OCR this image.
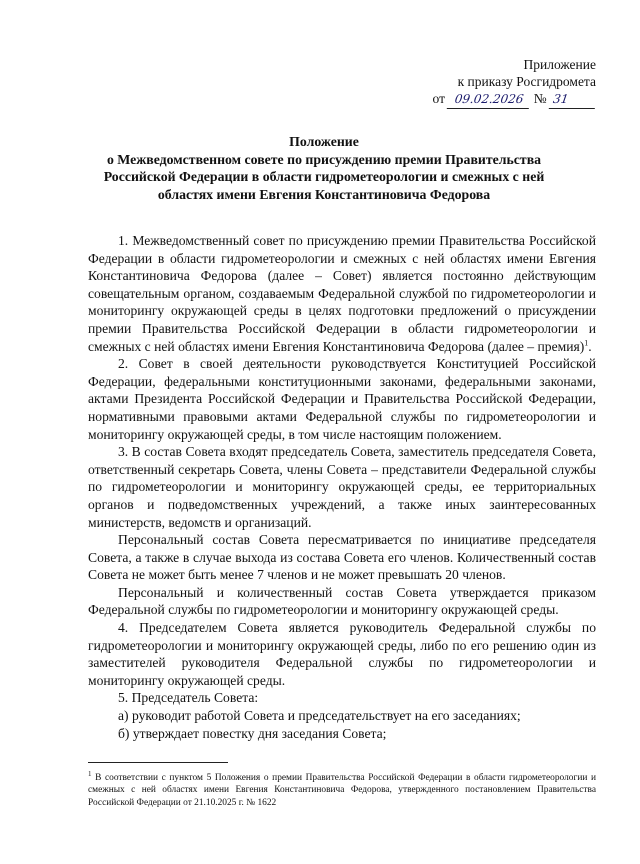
Приложение
к приказу Росгидромета
от 09.02.2026 № 31
Положение
о Межведомственном совете по присуждению премии Правительства Российской Федерации в области гидрометеорологии и смежных с ней областях имени Евгения Константиновича Федорова

1. Межведомственный совет по присуждению премии Правительства Российской Федерации в области гидрометеорологии и смежных с ней областях имени Евгения Константиновича Федорова (далее – Совет) является постоянно действующим совещательным органом, создаваемым Федеральной службой по гидрометеорологии и мониторингу окружающей среды в целях подготовки предложений о присуждении премии Правительства Российской Федерации в области гидрометеорологии и смежных с ней областях имени Евгения Константиновича Федорова (далее – премия)$^1$.

2. Совет в своей деятельности руководствуется Конституцией Российской Федерации, федеральными конституционными законами, федеральными законами, актами Президента Российской Федерации и Правительства Российской Федерации, нормативными правовыми актами Федеральной службы по гидрометеорологии и мониторингу окружающей среды, в том числе настоящим положением.

3. В состав Совета входят председатель Совета, заместитель председателя Совета, ответственный секретарь Совета, члены Совета – представители Федеральной службы по гидрометеорологии и мониторингу окружающей среды, ее территориальных органов и подведомственных учреждений, а также иных заинтересованных министерств, ведомств и организаций.

Персональный состав Совета пересматривается по инициативе председателя Совета, а также в случае выхода из состава Совета его членов. Количественный состав Совета не может быть менее 7 членов и не может превышать 20 членов.

Персональный и количественный состав Совета утверждается приказом Федеральной службы по гидрометеорологии и мониторингу окружающей среды.

4. Председателем Совета является руководитель Федеральной службы по гидрометеорологии и мониторингу окружающей среды, либо по его решению один из заместителей руководителя Федеральной службы по гидрометеорологии и мониторингу окружающей среды.

5. Председатель Совета:

а) руководит работой Совета и председательствует на его заседаниях;

б) утверждает повестку дня заседания Совета;

$^1$ В соответствии с пунктом 5 Положения о премии Правительства Российской Федерации в области гидрометеорологии и смежных с ней областях имени Евгения Константиновича Федорова, утвержденного постановлением Правительства Российской Федерации от 21.10.2025 г. № 1622
